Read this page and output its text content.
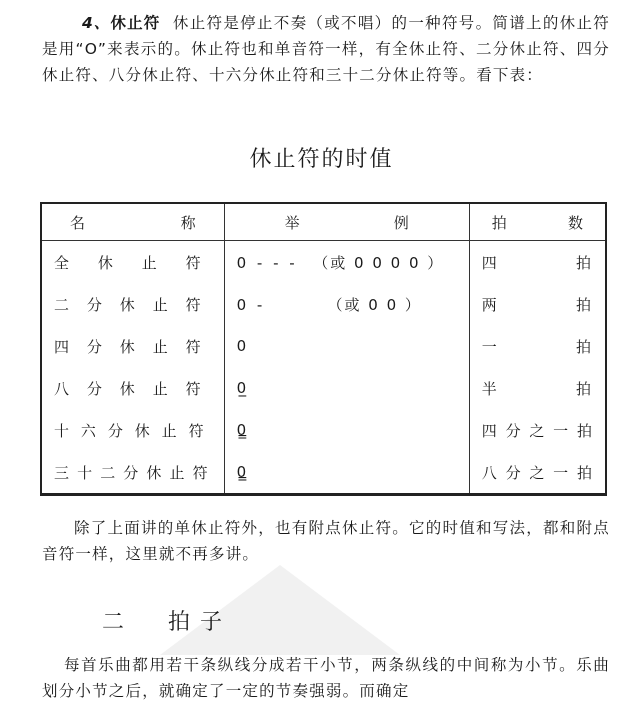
4、休止符 休止符是停止不奏（或不唱）的一种符号。简谱上的休止符是用“O”来表示的。休止符也和单音符一样，有全休止符、二分休止符、四分休止符、八分休止符、十六分休止符和三十二分休止符等。看下表：
休止符的时值
名称	举例	拍数
全休止符	0 - - - （或 0 0 0 0 ）	四拍
二分休止符	0 - （或 0 0 ）	两拍
四分休止符	0	一拍
八分休止符	0̲	半拍
十六分休止符	0̳	四分之一拍
三十二分休止符	0̳̲	八分之一拍
除了上面讲的单休止符外，也有附点休止符。它的时值和写法，都和附点音符一样，这里就不再多讲。
二 拍子
每首乐曲都用若干条纵线分成若干小节，两条纵线的中间称为小节。乐曲划分小节之后，就确定了一定的节奏强弱。而确定
